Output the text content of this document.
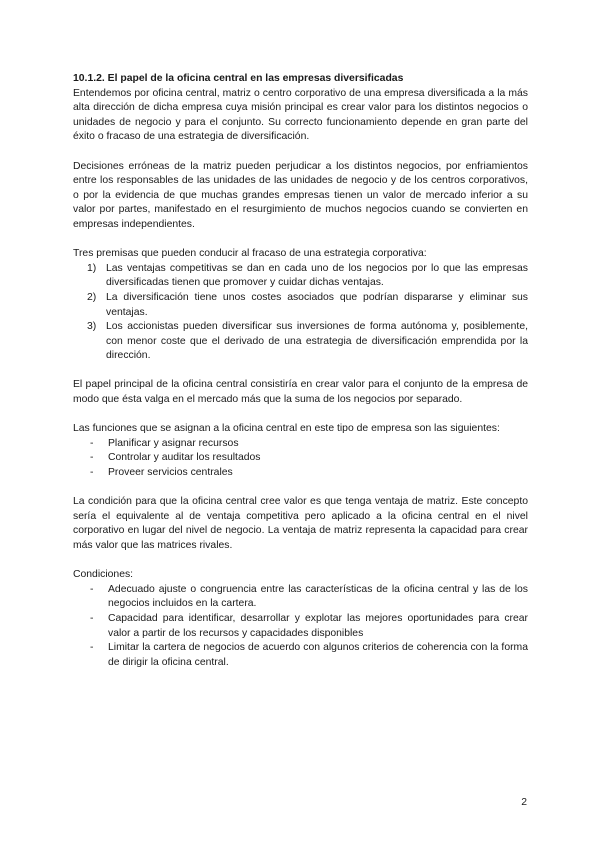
10.1.2. El papel de la oficina central en las empresas diversificadas

Entendemos por oficina central, matriz o centro corporativo de una empresa diversificada a la más alta dirección de dicha empresa cuya misión principal es crear valor para los distintos negocios o unidades de negocio y para el conjunto. Su correcto funcionamiento depende en gran parte del éxito o fracaso de una estrategia de diversificación.

Decisiones erróneas de la matriz pueden perjudicar a los distintos negocios, por enfriamientos entre los responsables de las unidades de las unidades de negocio y de los centros corporativos, o por la evidencia de que muchas grandes empresas tienen un valor de mercado inferior a su valor por partes, manifestado en el resurgimiento de muchos negocios cuando se convierten en empresas independientes.

Tres premisas que pueden conducir al fracaso de una estrategia corporativa:

1) Las ventajas competitivas se dan en cada uno de los negocios por lo que las empresas diversificadas tienen que promover y cuidar dichas ventajas.
2) La diversificación tiene unos costes asociados que podrían dispararse y eliminar sus ventajas.
3) Los accionistas pueden diversificar sus inversiones de forma autónoma y, posiblemente, con menor coste que el derivado de una estrategia de diversificación emprendida por la dirección.

El papel principal de la oficina central consistiría en crear valor para el conjunto de la empresa de modo que ésta valga en el mercado más que la suma de los negocios por separado.

Las funciones que se asignan a la oficina central en este tipo de empresa son las siguientes:

- Planificar y asignar recursos
- Controlar y auditar los resultados
- Proveer servicios centrales

La condición para que la oficina central cree valor es que tenga ventaja de matriz. Este concepto sería el equivalente al de ventaja competitiva pero aplicado a la oficina central en el nivel corporativo en lugar del nivel de negocio. La ventaja de matriz representa la capacidad para crear más valor que las matrices rivales.

Condiciones:

- Adecuado ajuste o congruencia entre las características de la oficina central y las de los negocios incluidos en la cartera.
- Capacidad para identificar, desarrollar y explotar las mejores oportunidades para crear valor a partir de los recursos y capacidades disponibles
- Limitar la cartera de negocios de acuerdo con algunos criterios de coherencia con la forma de dirigir la oficina central.
2
